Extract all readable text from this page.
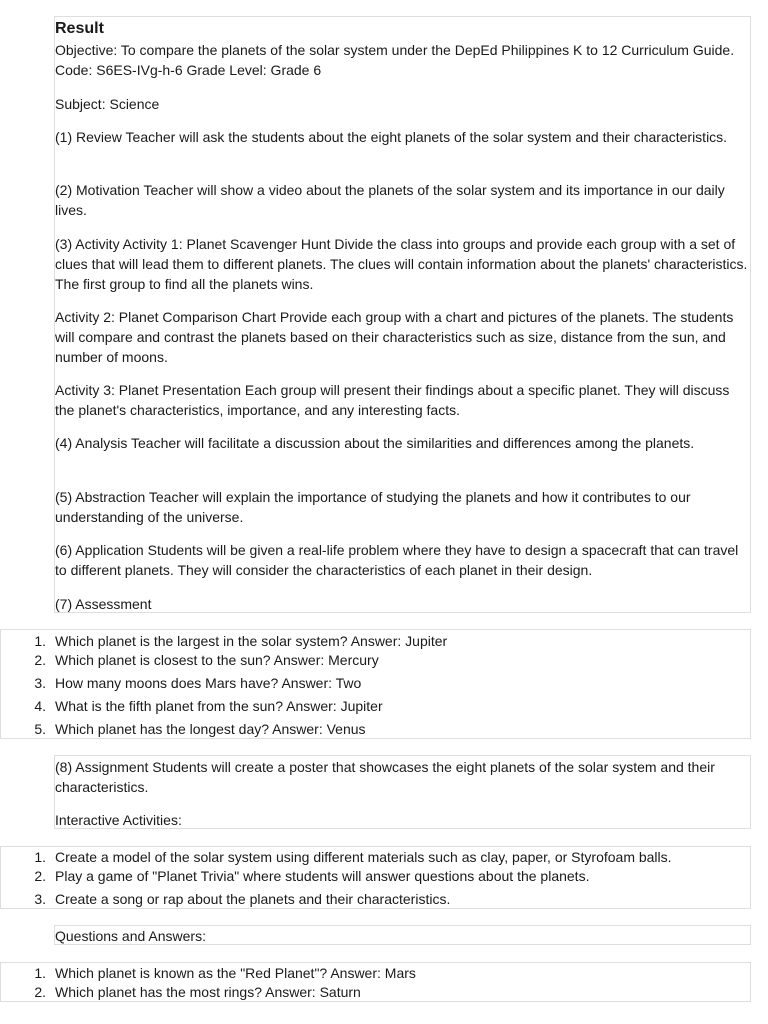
Result

Objective: To compare the planets of the solar system under the DepEd Philippines K to 12 Curriculum Guide. Code: S6ES-IVg-h-6 Grade Level: Grade 6

Subject: Science

(1) Review Teacher will ask the students about the eight planets of the solar system and their characteristics.

(2) Motivation Teacher will show a video about the planets of the solar system and its importance in our daily lives.

(3) Activity Activity 1: Planet Scavenger Hunt Divide the class into groups and provide each group with a set of clues that will lead them to different planets. The clues will contain information about the planets' characteristics. The first group to find all the planets wins.

Activity 2: Planet Comparison Chart Provide each group with a chart and pictures of the planets. The students will compare and contrast the planets based on their characteristics such as size, distance from the sun, and number of moons.

Activity 3: Planet Presentation Each group will present their findings about a specific planet. They will discuss the planet's characteristics, importance, and any interesting facts.

(4) Analysis Teacher will facilitate a discussion about the similarities and differences among the planets.

(5) Abstraction Teacher will explain the importance of studying the planets and how it contributes to our understanding of the universe.

(6) Application Students will be given a real-life problem where they have to design a spacecraft that can travel to different planets. They will consider the characteristics of each planet in their design.

(7) Assessment

1. Which planet is the largest in the solar system? Answer: Jupiter
2. Which planet is closest to the sun? Answer: Mercury
3. How many moons does Mars have? Answer: Two
4. What is the fifth planet from the sun? Answer: Jupiter
5. Which planet has the longest day? Answer: Venus

(8) Assignment Students will create a poster that showcases the eight planets of the solar system and their characteristics.

Interactive Activities:

1. Create a model of the solar system using different materials such as clay, paper, or Styrofoam balls.
2. Play a game of "Planet Trivia" where students will answer questions about the planets.
3. Create a song or rap about the planets and their characteristics.

Questions and Answers:

1. Which planet is known as the "Red Planet"? Answer: Mars
2. Which planet has the most rings? Answer: Saturn
